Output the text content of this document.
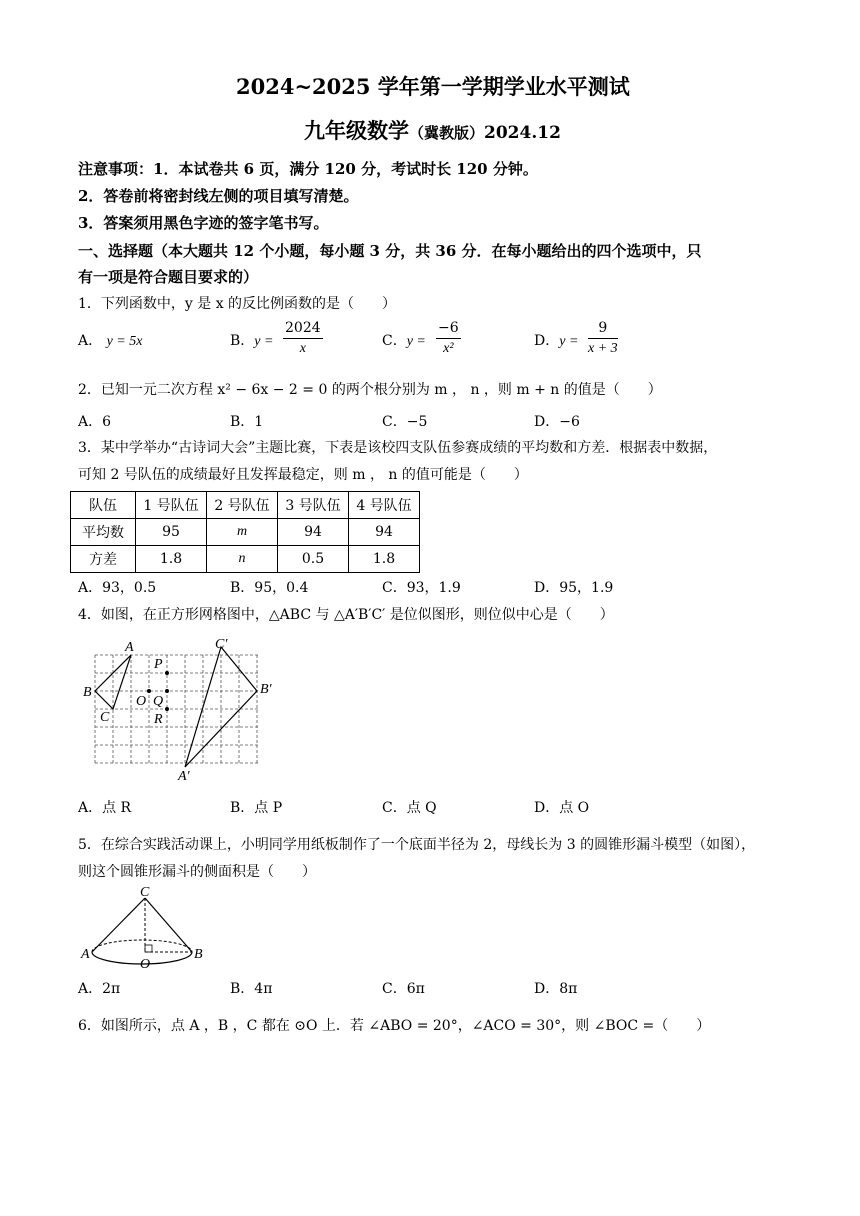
2024~2025 学年第一学期学业水平测试
九年级数学（冀教版）2024.12
注意事项：1．本试卷共 6 页，满分 120 分，考试时长 120 分钟。
2．答卷前将密封线左侧的项目填写清楚。
3．答案须用黑色字迹的签字笔书写。
一、选择题（本大题共 12 个小题，每小题 3 分，共 36 分．在每小题给出的四个选项中，只
有一项是符合题目要求的）
1．下列函数中，y 是 x 的反比例函数的是（　　）
A． y = 5x	B．y =
2024
x	C．y =
−6
x²	D．y =
9
x + 3
2．已知一元二次方程 x² − 6x − 2 = 0 的两个根分别为 m ， n ，则 m + n 的值是（　　）
A．6	B．1	C．−5	D．−6
3．某中学举办“古诗词大会”主题比赛，下表是该校四支队伍参赛成绩的平均数和方差．根据表中数据，
可知 2 号队伍的成绩最好且发挥最稳定，则 m ， n 的值可能是（　　）
队伍	1 号队伍	2 号队伍	3 号队伍	4 号队伍
平均数	95	m	94	94
方差	1.8	n	0.5	1.8
A．93，0.5	B．95，0.4	C．93，1.9	D．95，1.9
4．如图，在正方形网格图中，△ABC 与 △A′B′C′ 是位似图形，则位似中心是（　　）
A
B
C
C′
B′
A′
P
O Q
R
A．点 R	B．点 P	C．点 Q	D．点 O
5．在综合实践活动课上，小明同学用纸板制作了一个底面半径为 2，母线长为 3 的圆锥形漏斗模型（如图），
则这个圆锥形漏斗的侧面积是（　　）
C
A
O
B
A．2π	B．4π	C．6π	D．8π
6．如图所示，点 A ，B ，C 都在 ⊙O 上．若 ∠ABO = 20°，∠ACO = 30°，则 ∠BOC =（　　）
